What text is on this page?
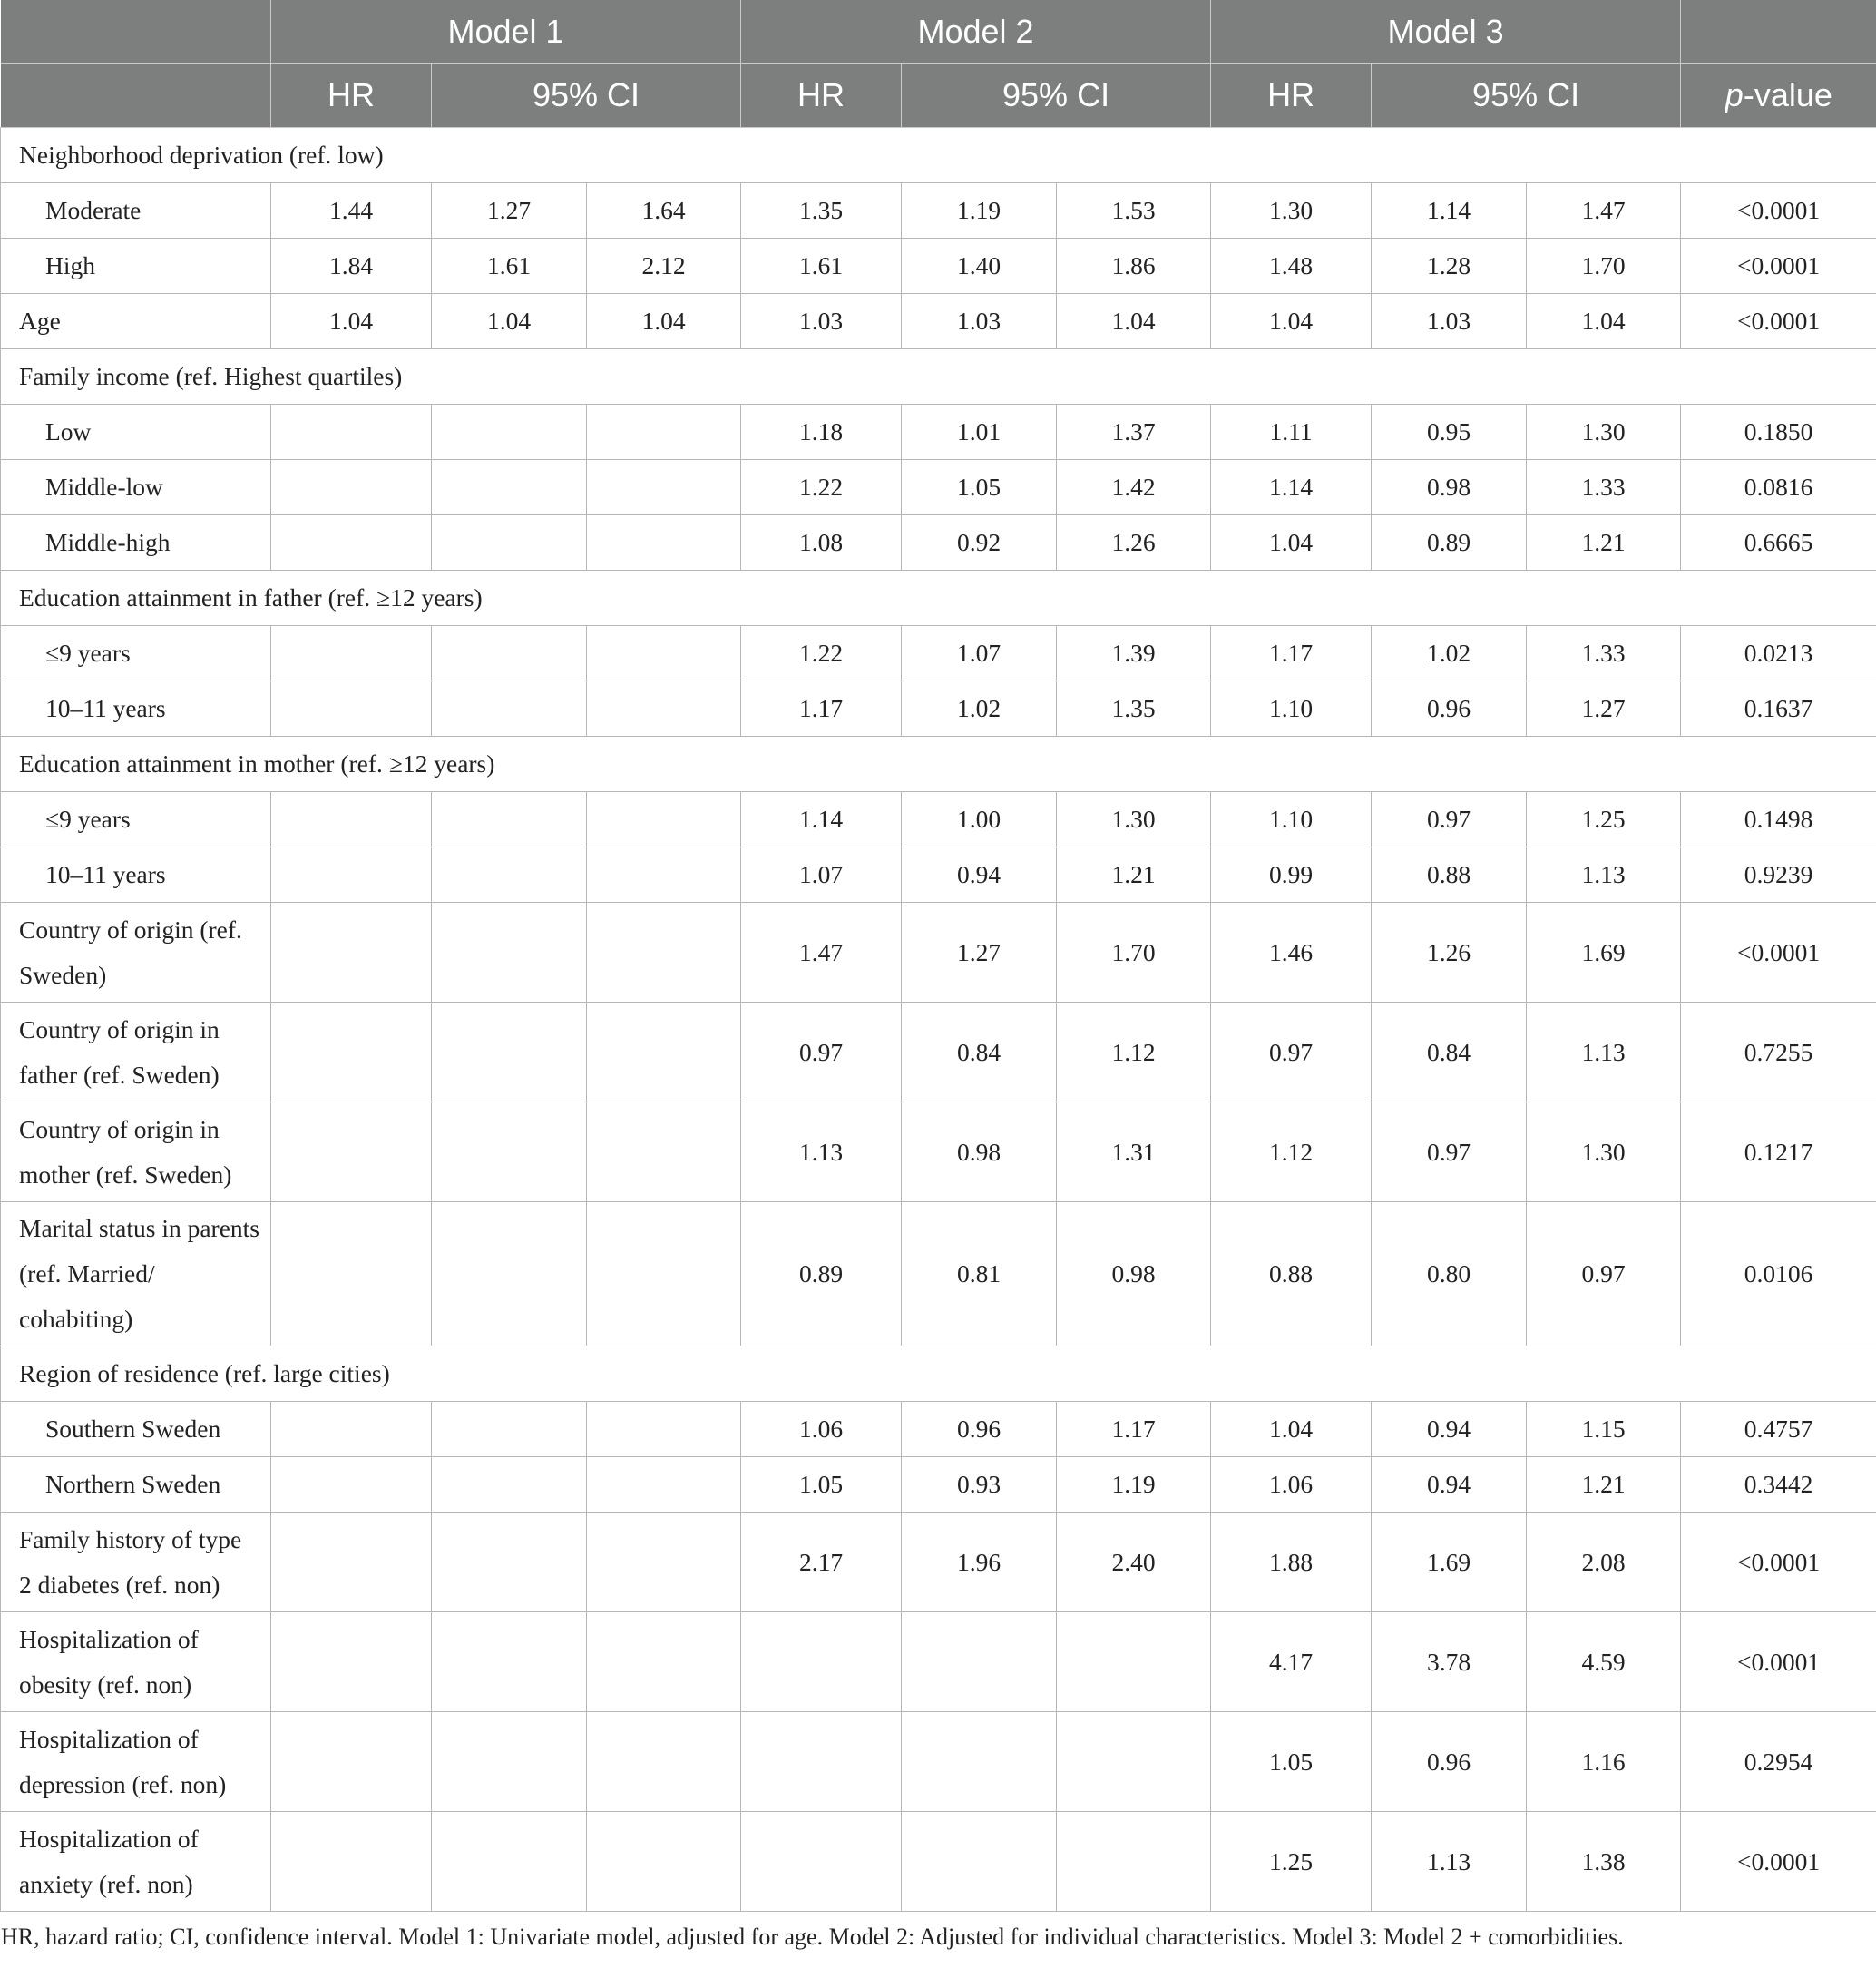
	Model 1			Model 2			Model 3			
	HR	95% CI		HR	95% CI		HR	95% CI		p-value
Neighborhood deprivation (ref. low)										
Moderate	1.44	1.27	1.64	1.35	1.19	1.53	1.30	1.14	1.47	<0.0001
High	1.84	1.61	2.12	1.61	1.40	1.86	1.48	1.28	1.70	<0.0001
Age	1.04	1.04	1.04	1.03	1.03	1.04	1.04	1.03	1.04	<0.0001
Family income (ref. Highest quartiles)										
Low				1.18	1.01	1.37	1.11	0.95	1.30	0.1850
Middle-low				1.22	1.05	1.42	1.14	0.98	1.33	0.0816
Middle-high				1.08	0.92	1.26	1.04	0.89	1.21	0.6665
Education attainment in father (ref. ≥12 years)										
≤9 years				1.22	1.07	1.39	1.17	1.02	1.33	0.0213
10–11 years				1.17	1.02	1.35	1.10	0.96	1.27	0.1637
Education attainment in mother (ref. ≥12 years)										
≤9 years				1.14	1.00	1.30	1.10	0.97	1.25	0.1498
10–11 years				1.07	0.94	1.21	0.99	0.88	1.13	0.9239
Country of origin (ref. Sweden)				1.47	1.27	1.70	1.46	1.26	1.69	<0.0001
Country of origin in father (ref. Sweden)				0.97	0.84	1.12	0.97	0.84	1.13	0.7255
Country of origin in mother (ref. Sweden)				1.13	0.98	1.31	1.12	0.97	1.30	0.1217
Marital status in parents (ref. Married/ cohabiting)				0.89	0.81	0.98	0.88	0.80	0.97	0.0106
Region of residence (ref. large cities)										
Southern Sweden				1.06	0.96	1.17	1.04	0.94	1.15	0.4757
Northern Sweden				1.05	0.93	1.19	1.06	0.94	1.21	0.3442
Family history of type 2 diabetes (ref. non)				2.17	1.96	2.40	1.88	1.69	2.08	<0.0001
Hospitalization of obesity (ref. non)							4.17	3.78	4.59	<0.0001
Hospitalization of depression (ref. non)							1.05	0.96	1.16	0.2954
Hospitalization of anxiety (ref. non)							1.25	1.13	1.38	<0.0001
HR, hazard ratio; CI, confidence interval. Model 1: Univariate model, adjusted for age. Model 2: Adjusted for individual characteristics. Model 3: Model 2 + comorbidities.
